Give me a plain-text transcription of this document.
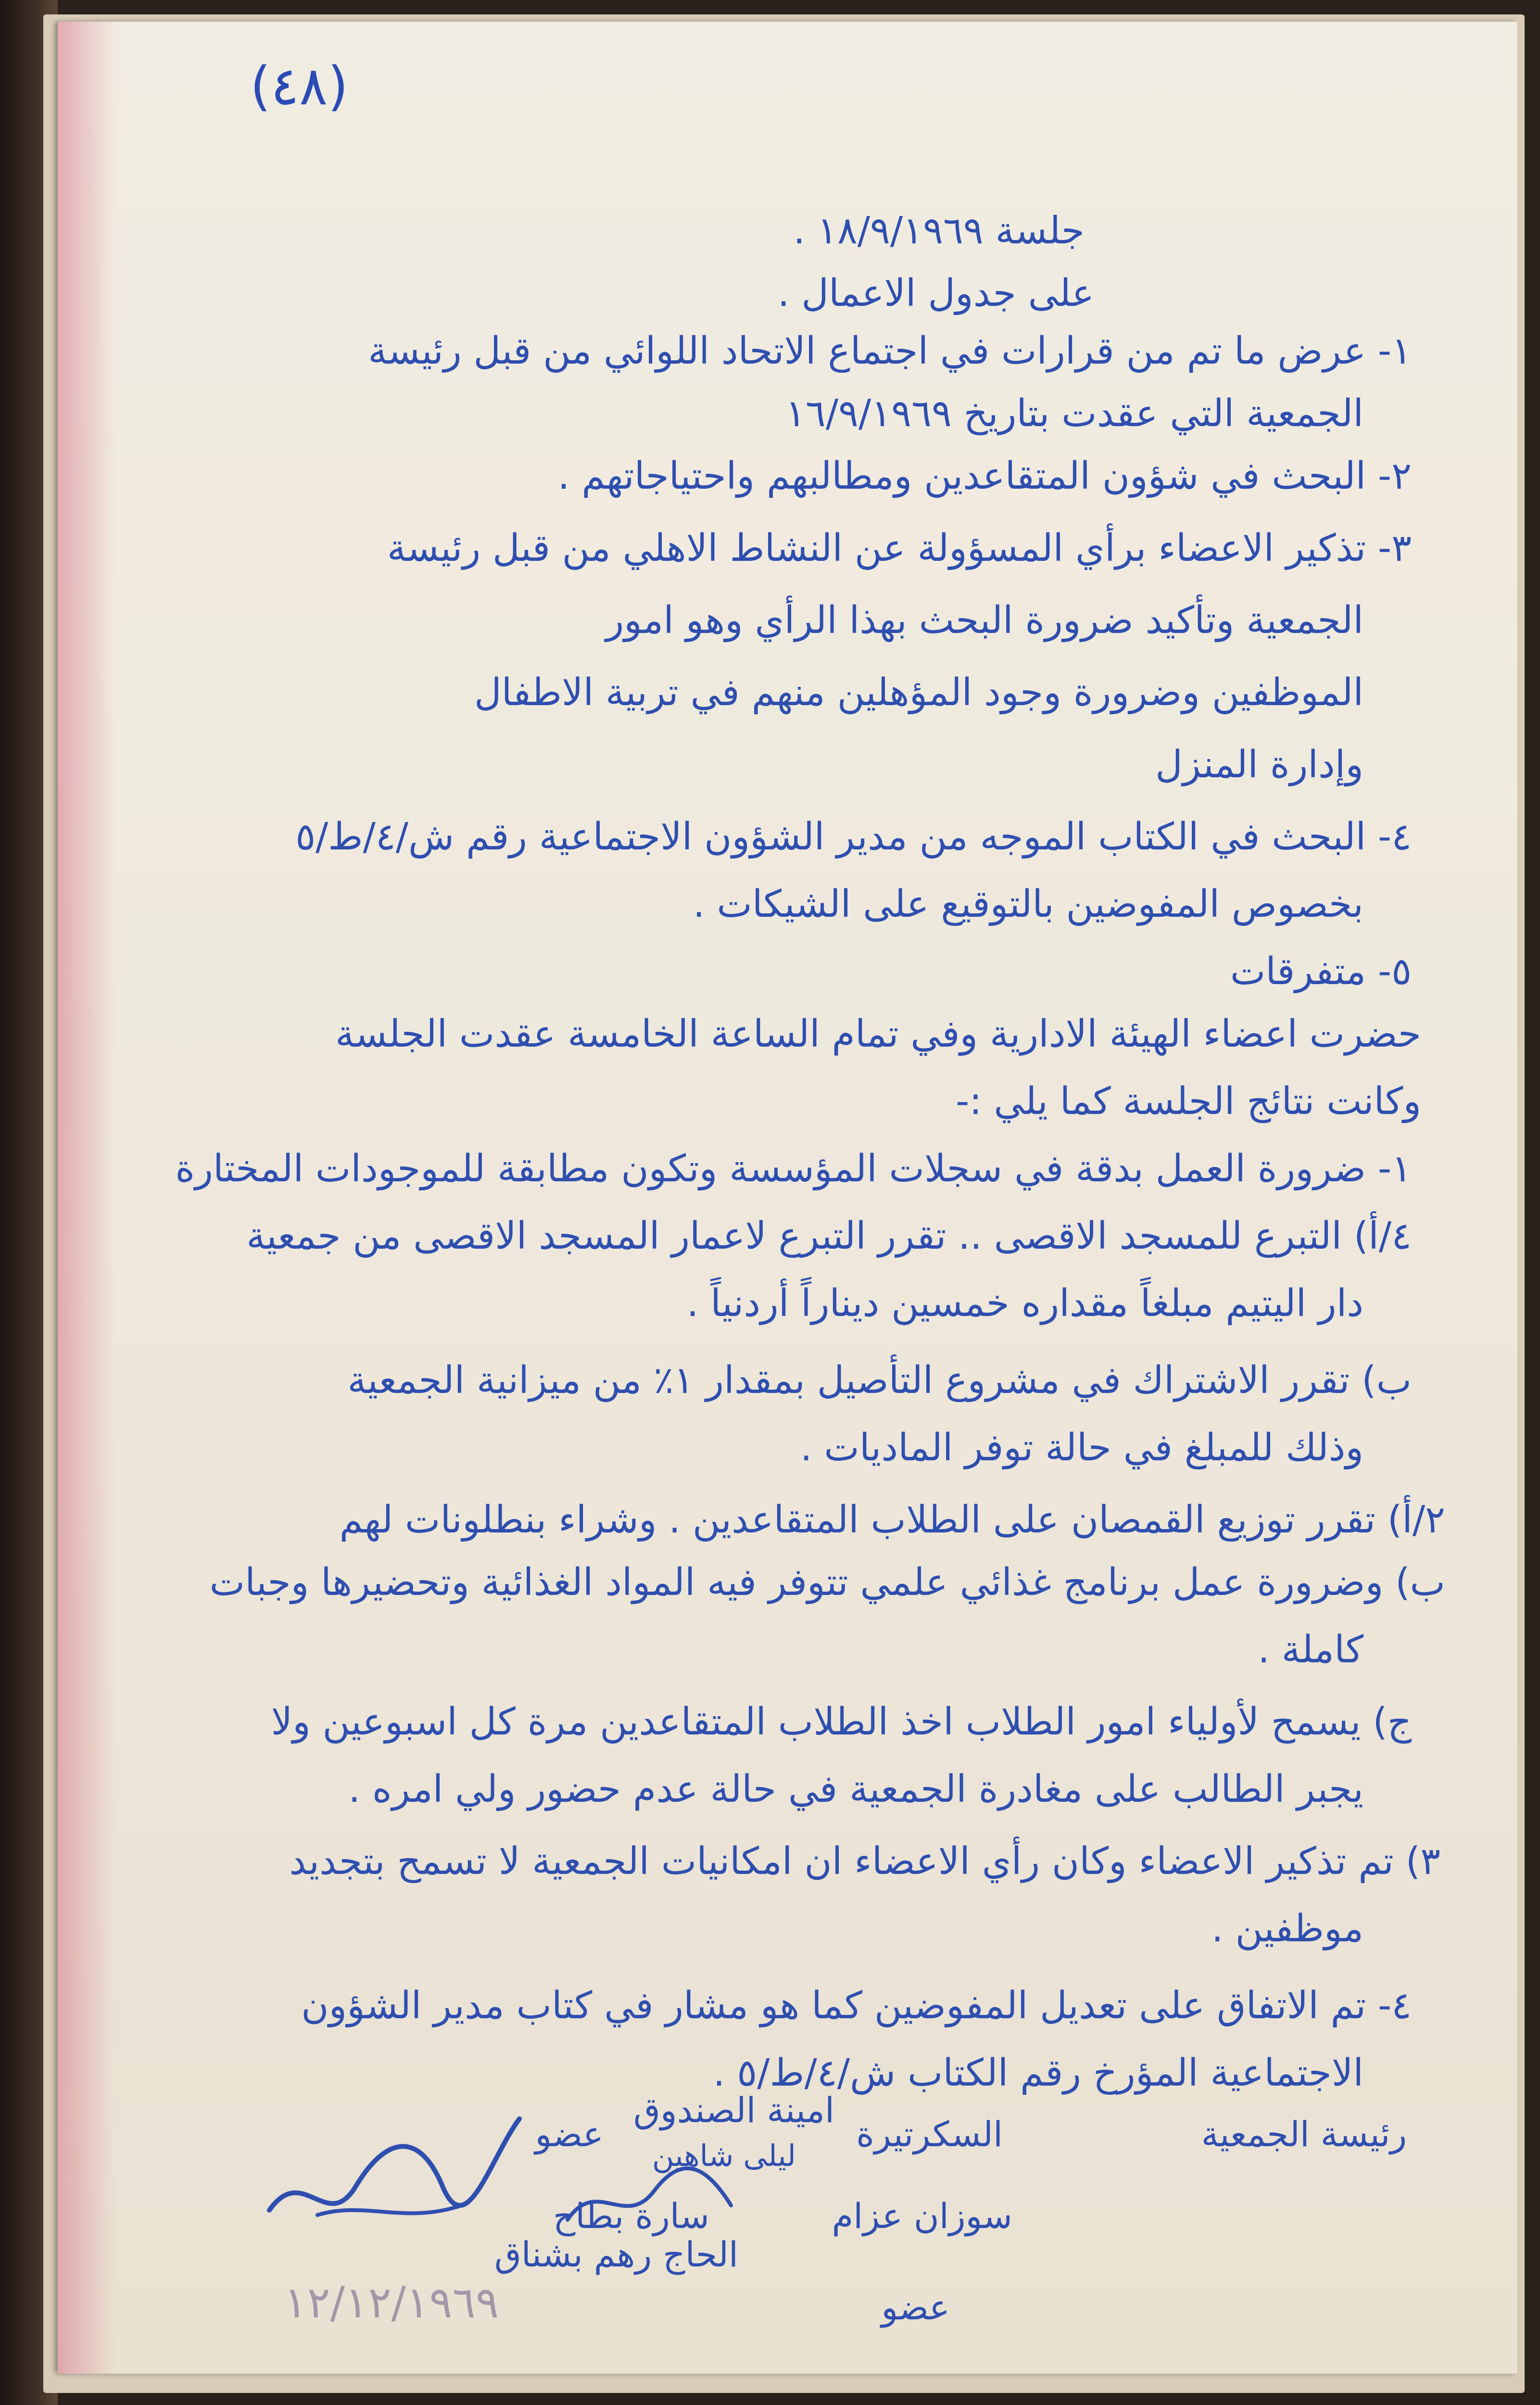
(٤٨)
جلسة ١٨/٩/١٩٦٩ .
على جدول الاعمال .
١- عرض ما تم من قرارات في اجتماع الاتحاد اللوائي من قبل رئيسة
الجمعية التي عقدت بتاريخ ١٦/٩/١٩٦٩
٢- البحث في شؤون المتقاعدين ومطالبهم واحتياجاتهم .
٣- تذكير الاعضاء برأي المسؤولة عن النشاط الاهلي من قبل رئيسة
الجمعية وتأكيد ضرورة البحث بهذا الرأي وهو امور
الموظفين وضرورة وجود المؤهلين منهم في تربية الاطفال
وإدارة المنزل
٤- البحث في الكتاب الموجه من مدير الشؤون الاجتماعية رقم ش/٤/ط/٥
بخصوص المفوضين بالتوقيع على الشيكات .
٥- متفرقات
حضرت اعضاء الهيئة الادارية وفي تمام الساعة الخامسة عقدت الجلسة
وكانت نتائج الجلسة كما يلي :-
١- ضرورة العمل بدقة في سجلات المؤسسة وتكون مطابقة للموجودات المختارة
٤/أ) التبرع للمسجد الاقصى .. تقرر التبرع لاعمار المسجد الاقصى من جمعية
دار اليتيم مبلغاً مقداره خمسين ديناراً أردنياً .
ب) تقرر الاشتراك في مشروع التأصيل بمقدار ١٪ من ميزانية الجمعية
وذلك للمبلغ في حالة توفر الماديات .
٢/أ) تقرر توزيع القمصان على الطلاب المتقاعدين . وشراء بنطلونات لهم
ب) وضرورة عمل برنامج غذائي علمي تتوفر فيه المواد الغذائية وتحضيرها وجبات
كاملة .
ج) يسمح لأولياء امور الطلاب اخذ الطلاب المتقاعدين مرة كل اسبوعين ولا
يجبر الطالب على مغادرة الجمعية في حالة عدم حضور ولي امره .
٣) تم تذكير الاعضاء وكان رأي الاعضاء ان امكانيات الجمعية لا تسمح بتجديد
موظفين .
٤- تم الاتفاق على تعديل المفوضين كما هو مشار في كتاب مدير الشؤون
الاجتماعية المؤرخ رقم الكتاب ش/٤/ط/٥ .
رئيسة الجمعية
السكرتيرة
امينة الصندوق
عضو
سوزان عزام
ليلى شاهين
سارة بطاح
الحاج رهم بشناق
عضو
١٢/١٢/١٩٦٩
